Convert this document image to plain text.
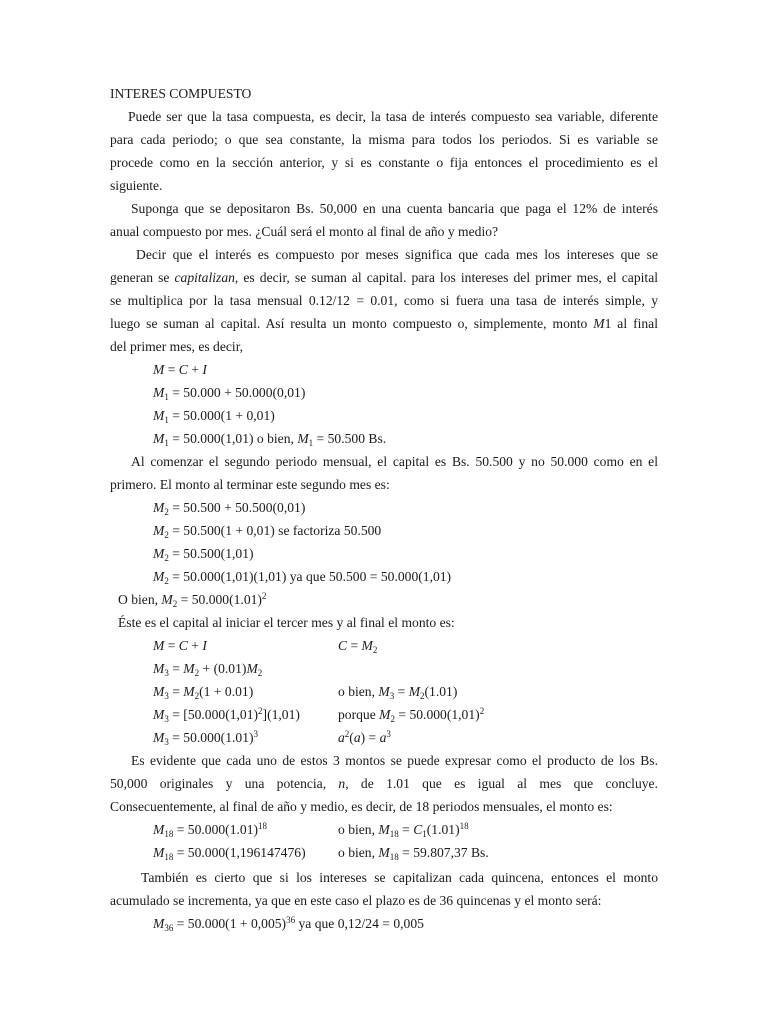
INTERES COMPUESTO
Puede ser que la tasa compuesta, es decir, la tasa de interés compuesto sea variable, diferente
para cada periodo; o que sea constante, la misma para todos los periodos. Si es variable se
procede como en la sección anterior, y si es constante o fija entonces el procedimiento es el
siguiente.
Suponga que se depositaron Bs. 50,000 en una cuenta bancaria que paga el 12% de interés
anual compuesto por mes. ¿Cuál será el monto al final de año y medio?
Decir que el interés es compuesto por meses significa que cada mes los intereses que se
generan se capitalizan, es decir, se suman al capital. para los intereses del primer mes, el capital
se multiplica por la tasa mensual 0.12/12 = 0.01, como si fuera una tasa de interés simple, y
luego se suman al capital. Así resulta un monto compuesto o, simplemente, monto M1 al final
del primer mes, es decir,
M = C + I
$M_1 = 50.000 + 50.000(0,01)$
$M_1 = 50.000(1 + 0,01)$
$M_1 = 50.000(1,01)$ o bien, $M_1 = 50.500$ Bs.
Al comenzar el segundo periodo mensual, el capital es Bs. 50.500 y no 50.000 como en el
primero. El monto al terminar este segundo mes es:
$M_2 = 50.500 + 50.500(0,01)$
$M_2 = 50.500(1 + 0,01)$ se factoriza 50.500
$M_2 = 50.500(1,01)$
$M_2 = 50.000(1,01)(1,01)$ ya que 50.500 = 50.000(1,01)
O bien, $M_2 = 50.000(1.01)^2$
Éste es el capital al iniciar el tercer mes y al final el monto es:
M = C + I	$C = M_2$
$M_3 = M_2 + (0.01)M_2$
$M_3 = M_2(1 + 0.01)$	o bien, $M_3 = M_2(1.01)$
$M_3 = [50.000(1,01)^2](1,01)$	porque $M_2 = 50.000(1,01)^2$
$M_3 = 50.000(1.01)^3$	$a^2(a) = a^3$
Es evidente que cada uno de estos 3 montos se puede expresar como el producto de los Bs.
50,000 originales y una potencia, n, de 1.01 que es igual al mes que concluye.
Consecuentemente, al final de año y medio, es decir, de 18 periodos mensuales, el monto es:
$M_{18} = 50.000(1.01)^{18}$	o bien, $M_{18} = C_1(1.01)^{18}$
$M_{18} = 50.000(1,196147476)$ o bien, $M_{18} = 59.807,37$ Bs.
También es cierto que si los intereses se capitalizan cada quincena, entonces el monto
acumulado se incrementa, ya que en este caso el plazo es de 36 quincenas y el monto será:
$M_{36} = 50.000(1 + 0,005)^{36}$ ya que 0,12/24 = 0,005
